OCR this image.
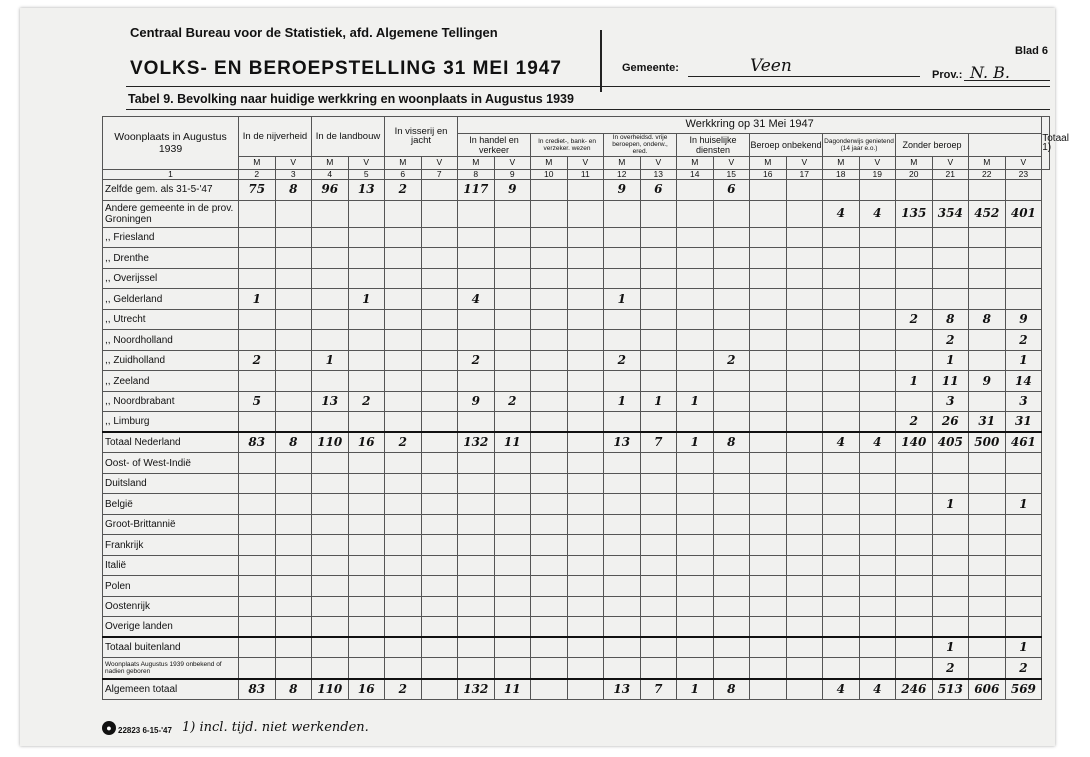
Centraal Bureau voor de Statistiek, afd. Algemene Tellingen
VOLKS- EN BEROEPSTELLING 31 MEI 1947
Tabel 9. Bevolking naar huidige werkkring en woonplaats in Augustus 1939
Blad 6
Gemeente:	Veen	Prov.: N. B.
Woonplaats in Augustus 1939	In de nijverheid		In de landbouw		In visserij en jacht		Werkkring op 31 Mei 1947																Totaal 1)
							In handel en verkeer		In crediet-, bank- en verzeker. wezen		In overheidsd. vrije beroepen, onderw., ered.		In huiselijke diensten		Beroep onbekend		Dagonderwijs genietend (14 jaar e.o.)		Zonder beroep				
	M	V	M	V	M	V	M	V	M	V	M	V	M	V	M	V	M	V	M	V	M	V	
1	2	3	4	5	6	7	8	9	10	11	12	13	14	15	16	17	18	19	20	21	22	23	
Zelfde gem. als 31-5-'47	75	8	96	13	2		117	9			9	6		6									
Andere gemeente in de prov. Groningen																	4	4	135	354	452	401	
,, Friesland																							
,, Drenthe																							
,, Overijssel																							
,, Gelderland	1			1			4				1												
,, Utrecht																			2	8	8	9	
,, Noordholland																				2		2	
,, Zuidholland	2		1				2				2			2						1		1	
,, Zeeland																			1	11	9	14	
,, Noordbrabant	5		13	2			9	2			1	1	1							3		3	
,, Limburg																			2	26	31	31	
Totaal Nederland	83	8	110	16	2		132	11			13	7	1	8			4	4	140	405	500	461	
Oost- of West-Indië																							
Duitsland																							
België																				1		1	
Groot-Brittannië																							
Frankrijk																							
Italië																							
Polen																							
Oostenrijk																							
Overige landen																							
Totaal buitenland																				1		1	
Woonplaats Augustus 1939 onbekend of nadien geboren																				2		2	
Algemeen totaal	83	8	110	16	2		132	11			13	7	1	8			4	4	246	513	606	569	
● 22823 6-15-'47 1) incl. tijd. niet werkenden.
